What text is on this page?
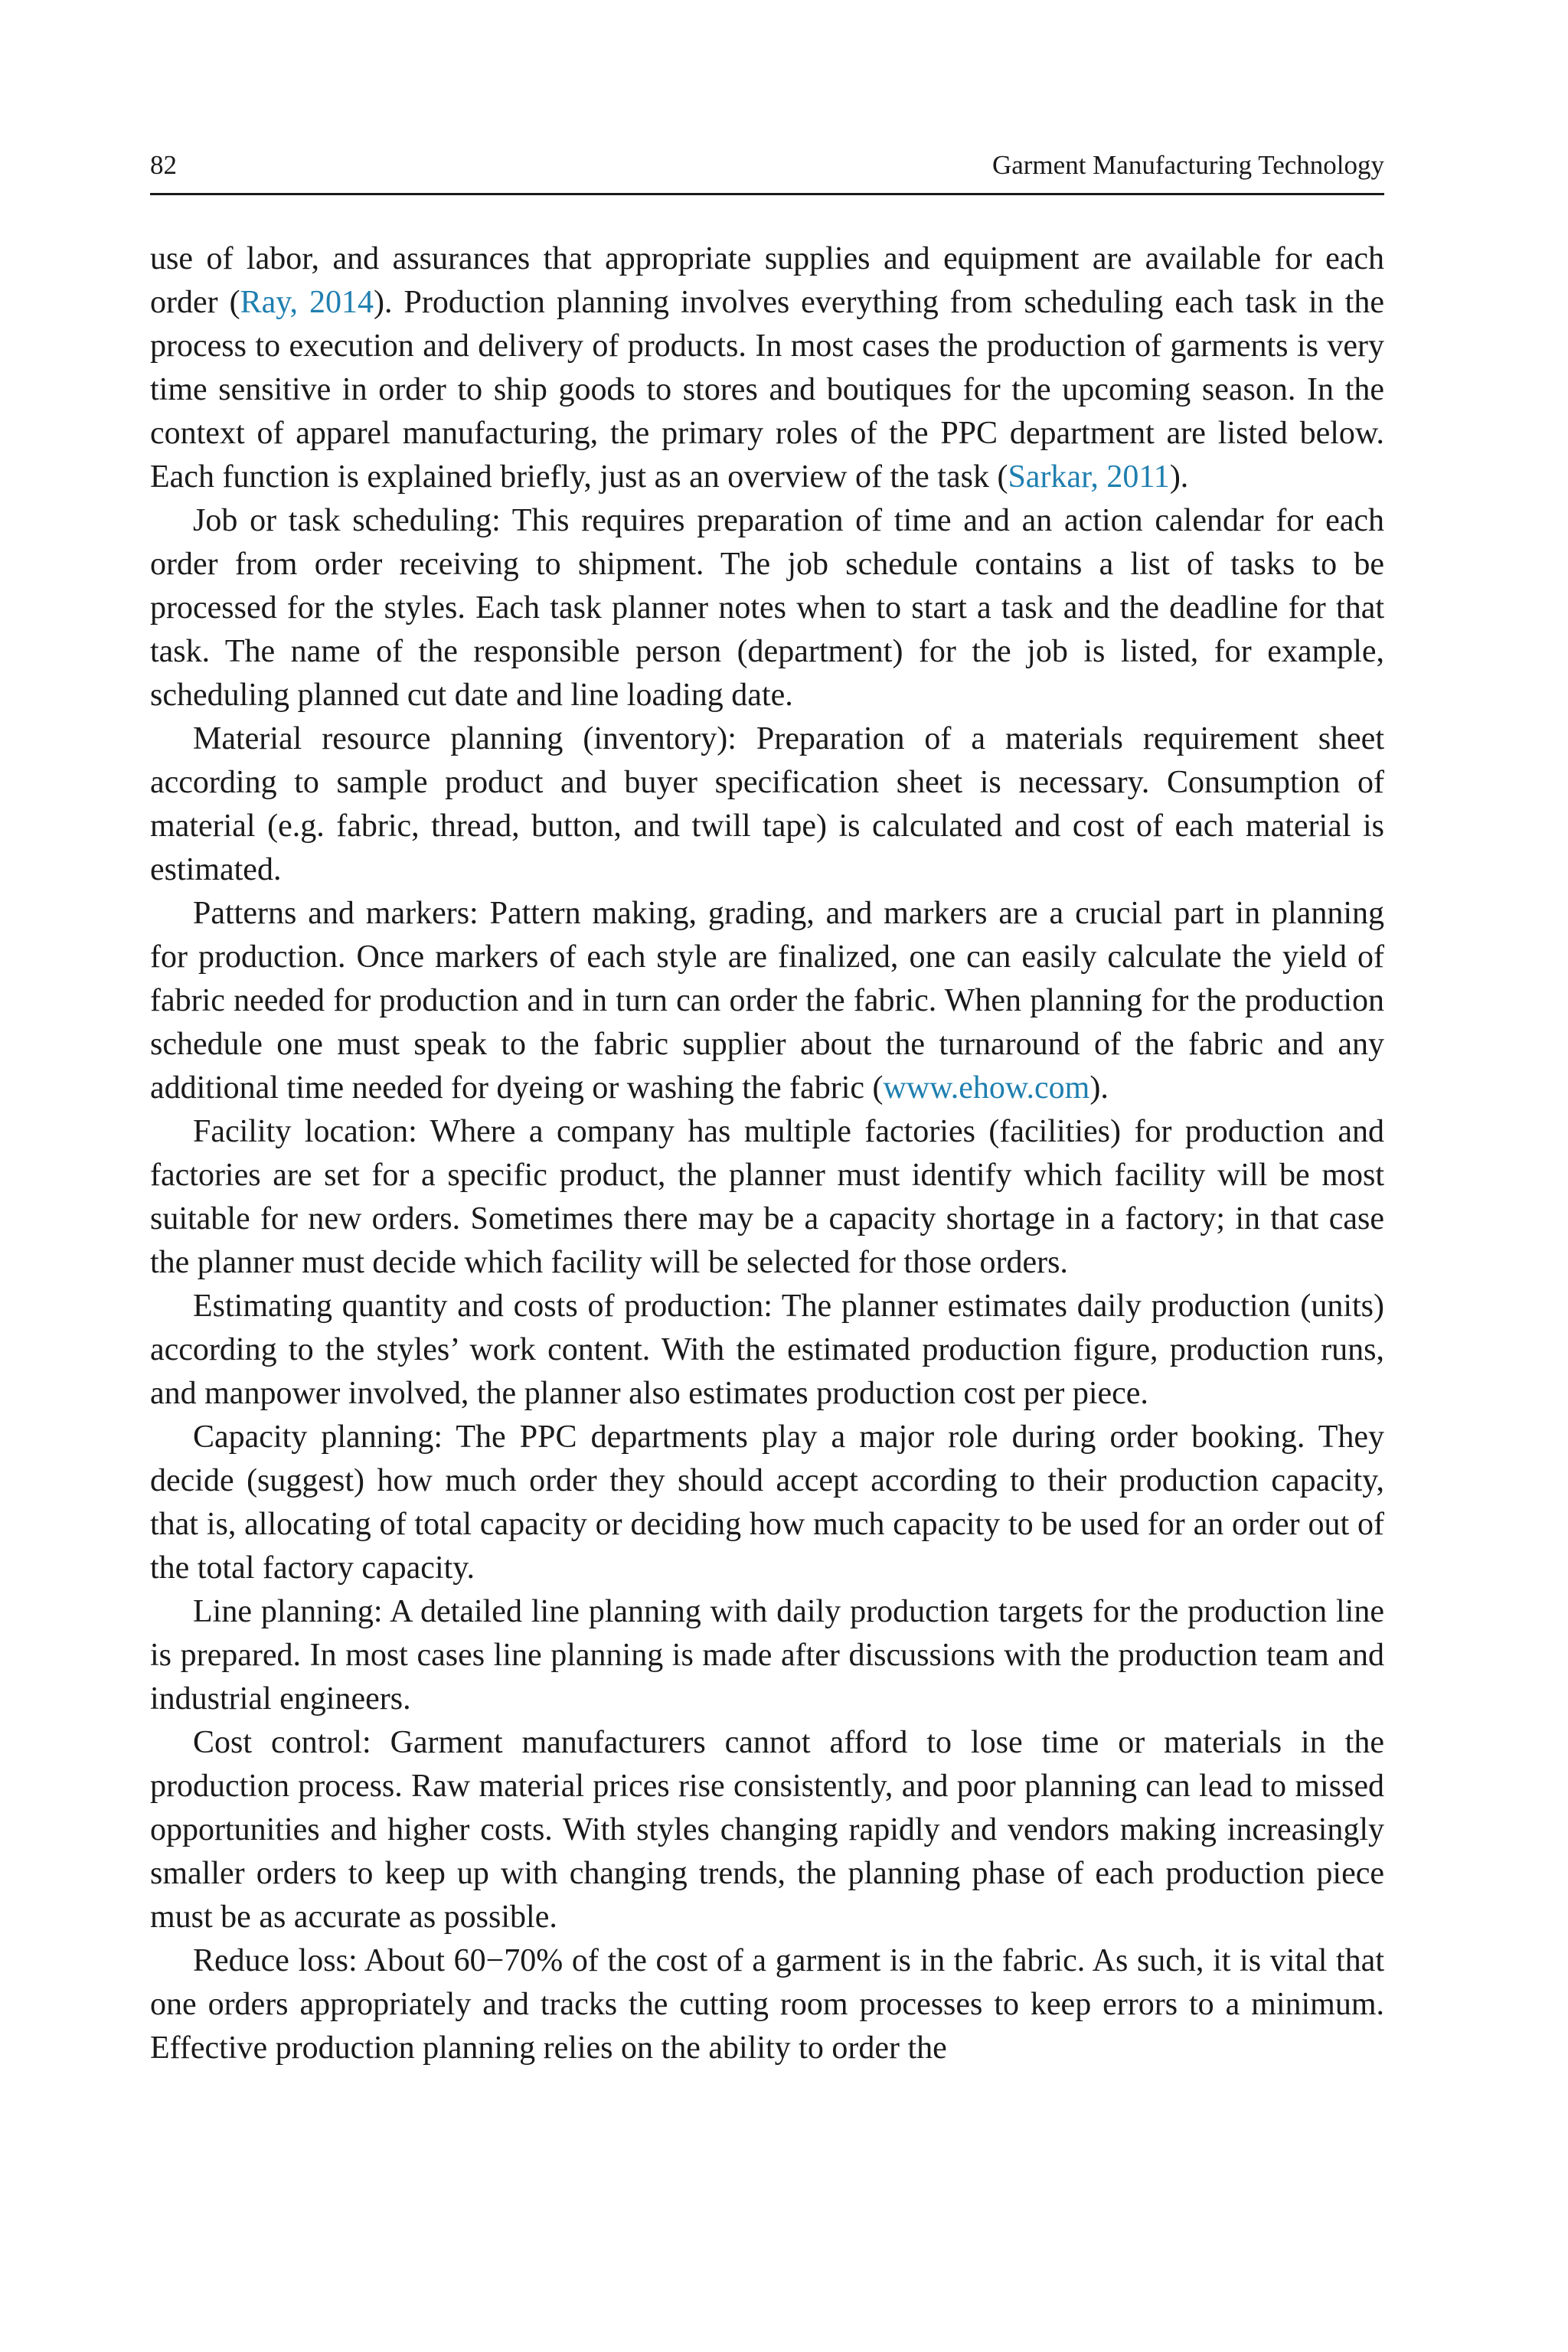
82	Garment Manufacturing Technology

use of labor, and assurances that appropriate supplies and equipment are available for each order (Ray, 2014). Production planning involves everything from scheduling each task in the process to execution and delivery of products. In most cases the production of garments is very time sensitive in order to ship goods to stores and boutiques for the upcoming season. In the context of apparel manufacturing, the primary roles of the PPC department are listed below. Each function is explained briefly, just as an overview of the task (Sarkar, 2011).

Job or task scheduling: This requires preparation of time and an action calendar for each order from order receiving to shipment. The job schedule contains a list of tasks to be processed for the styles. Each task planner notes when to start a task and the deadline for that task. The name of the responsible person (department) for the job is listed, for example, scheduling planned cut date and line loading date.

Material resource planning (inventory): Preparation of a materials requirement sheet according to sample product and buyer specification sheet is necessary. Consumption of material (e.g. fabric, thread, button, and twill tape) is calculated and cost of each material is estimated.

Patterns and markers: Pattern making, grading, and markers are a crucial part in planning for production. Once markers of each style are finalized, one can easily calculate the yield of fabric needed for production and in turn can order the fabric. When planning for the production schedule one must speak to the fabric supplier about the turnaround of the fabric and any additional time needed for dyeing or washing the fabric (www.ehow.com).

Facility location: Where a company has multiple factories (facilities) for production and factories are set for a specific product, the planner must identify which facility will be most suitable for new orders. Sometimes there may be a capacity shortage in a factory; in that case the planner must decide which facility will be selected for those orders.

Estimating quantity and costs of production: The planner estimates daily production (units) according to the styles’ work content. With the estimated production figure, production runs, and manpower involved, the planner also estimates production cost per piece.

Capacity planning: The PPC departments play a major role during order booking. They decide (suggest) how much order they should accept according to their production capacity, that is, allocating of total capacity or deciding how much capacity to be used for an order out of the total factory capacity.

Line planning: A detailed line planning with daily production targets for the production line is prepared. In most cases line planning is made after discussions with the production team and industrial engineers.

Cost control: Garment manufacturers cannot afford to lose time or materials in the production process. Raw material prices rise consistently, and poor planning can lead to missed opportunities and higher costs. With styles changing rapidly and vendors making increasingly smaller orders to keep up with changing trends, the planning phase of each production piece must be as accurate as possible.

Reduce loss: About 60−70% of the cost of a garment is in the fabric. As such, it is vital that one orders appropriately and tracks the cutting room processes to keep errors to a minimum. Effective production planning relies on the ability to order the
